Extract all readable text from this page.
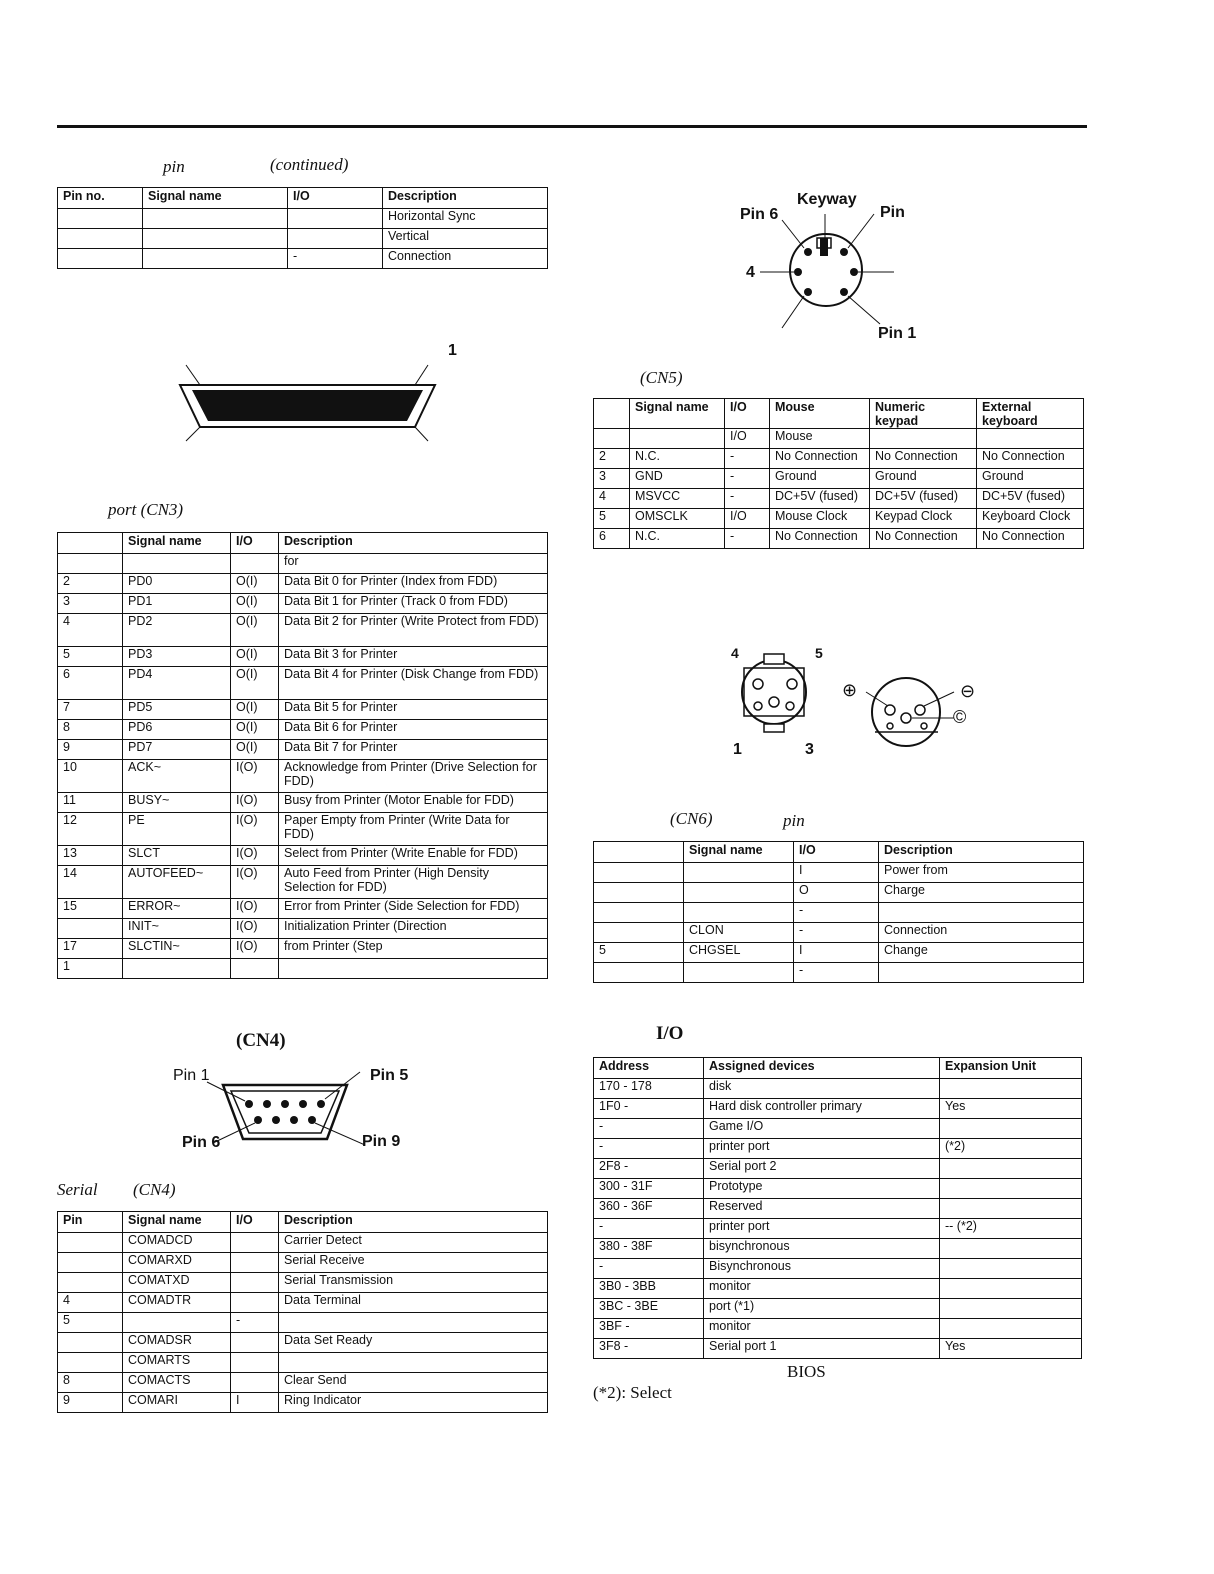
pin	(continued)
Pin no.	Signal name	I/O	Description
			Horizontal Sync
			Vertical
		-	Connection
1
port (CN3)
	Signal name	I/O	Description
			for
2	PD0	O(I)	Data Bit 0 for Printer (Index from FDD)
3	PD1	O(I)	Data Bit 1 for Printer (Track 0 from FDD)
4	PD2	O(I)	Data Bit 2 for Printer (Write Protect from FDD)
5	PD3	O(I)	Data Bit 3 for Printer
6	PD4	O(I)	Data Bit 4 for Printer (Disk Change from FDD)
7	PD5	O(I)	Data Bit 5 for Printer
8	PD6	O(I)	Data Bit 6 for Printer
9	PD7	O(I)	Data Bit 7 for Printer
10	ACK~	I(O)	Acknowledge from Printer (Drive Selection for FDD)
11	BUSY~	I(O)	Busy from Printer (Motor Enable for FDD)
12	PE	I(O)	Paper Empty from Printer (Write Data for FDD)
13	SLCT	I(O)	Select from Printer (Write Enable for FDD)
14	AUTOFEED~	I(O)	Auto Feed from Printer (High Density Selection for FDD)
15	ERROR~	I(O)	Error from Printer (Side Selection for FDD)
	INIT~	I(O)	Initialization Printer (Direction
17	SLCTIN~	I(O)	from Printer (Step
1			
(CN4)
Pin 1	Pin 5
Pin 6	Pin 9
Serial (CN4)
Pin	Signal name	I/O	Description
	COMADCD		Carrier Detect
	COMARXD		Serial Receive
	COMATXD		Serial Transmission
4	COMADTR		Data Terminal
5		-	
	COMADSR		Data Set Ready
	COMARTS		
8	COMACTS		Clear Send
9	COMARI	I	Ring Indicator
Keyway
Pin 6	Pin
4
Pin 1
(CN5)
	Signal name	I/O	Mouse	Numeric keypad	External keyboard
		I/O	Mouse		
2	N.C.	-	No Connection	No Connection	No Connection
3	GND	-	Ground	Ground	Ground
4	MSVCC	-	DC+5V (fused)	DC+5V (fused)	DC+5V (fused)
5	OMSCLK	I/O	Mouse Clock	Keypad Clock	Keyboard Clock
6	N.C.	-	No Connection	No Connection	No Connection
4	5
1	3
⊕	⊖
©
(CN6)	pin
	Signal name	I/O	Description
		I	Power from
		O	Charge
		-	
	CLON	-	Connection
5	CHGSEL	I	Change
		-	
I/O
Address	Assigned devices	Expansion Unit
170 - 178	disk	
1F0 -	Hard disk controller primary	Yes
-	Game I/O	
-	printer port	(*2)
2F8 -	Serial port 2	
300 - 31F	Prototype	
360 - 36F	Reserved	
-	printer port	-- (*2)
380 - 38F	bisynchronous	
-	Bisynchronous	
3B0 - 3BB	monitor	
3BC - 3BE	port (*1)	
3BF -	monitor	
3F8 -	Serial port 1	Yes
BIOS
(*2): Select
